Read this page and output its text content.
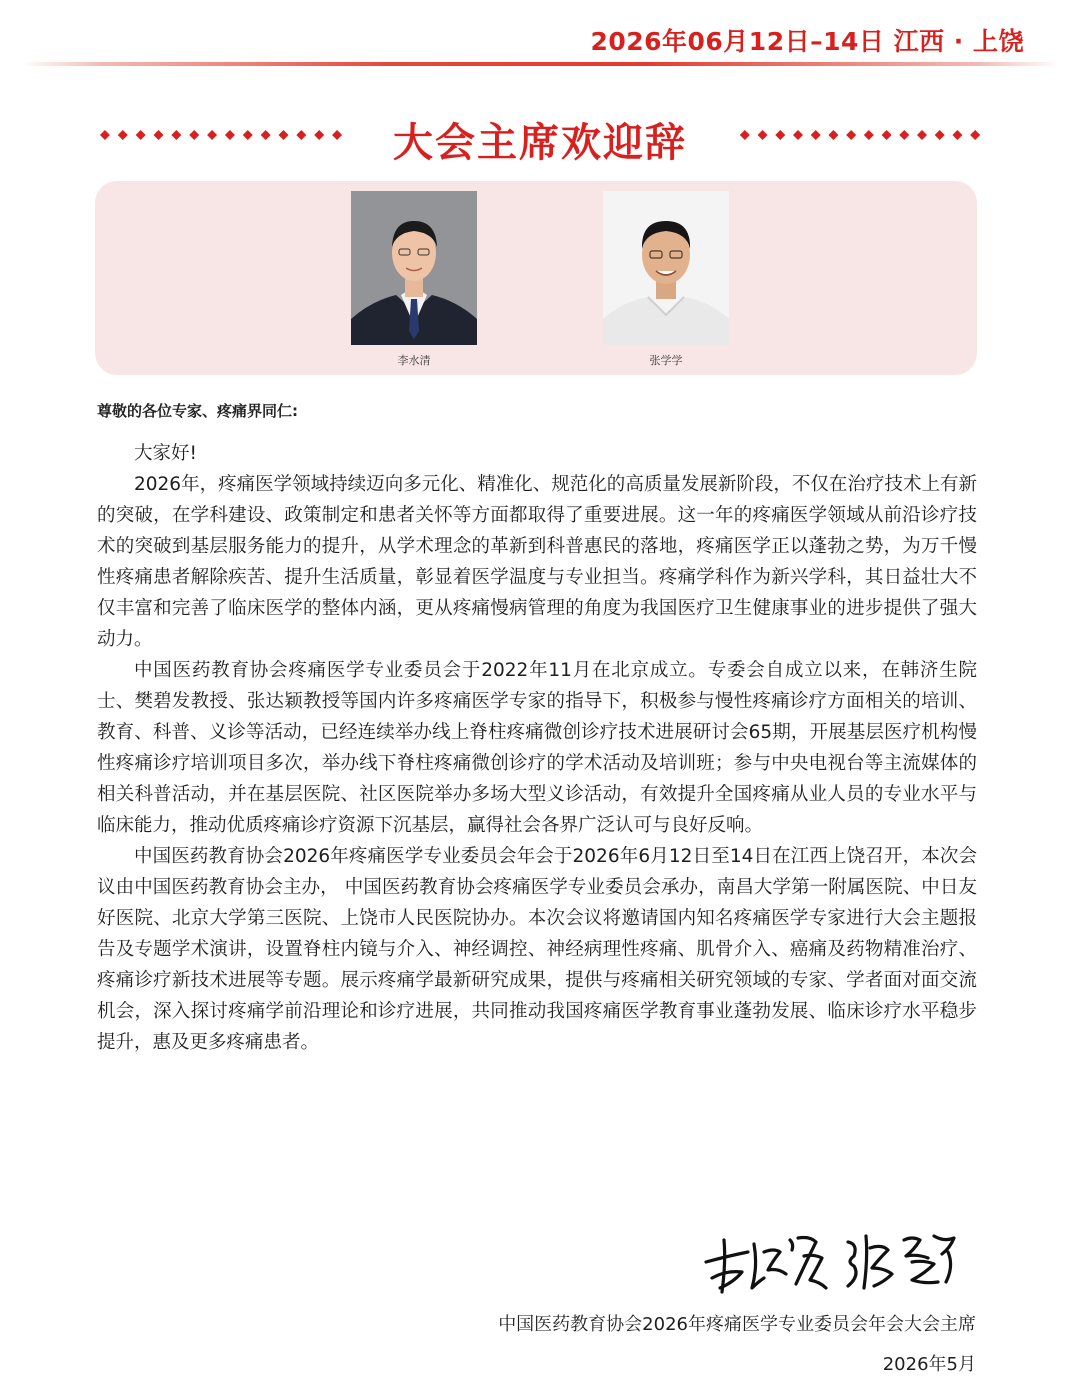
2026年06月12日–14日 江西 · 上饶
大会主席欢迎辞
李水清	张学学
尊敬的各位专家、疼痛界同仁:

大家好!

2026年，疼痛医学领域持续迈向多元化、精准化、规范化的高质量发展新阶段，不仅在治疗技术上有新的突破，在学科建设、政策制定和患者关怀等方面都取得了重要进展。这一年的疼痛医学领域从前沿诊疗技术的突破到基层服务能力的提升，从学术理念的革新到科普惠民的落地，疼痛医学正以蓬勃之势，为万千慢性疼痛患者解除疾苦、提升生活质量，彰显着医学温度与专业担当。疼痛学科作为新兴学科，其日益壮大不仅丰富和完善了临床医学的整体内涵，更从疼痛慢病管理的角度为我国医疗卫生健康事业的进步提供了强大动力。

中国医药教育协会疼痛医学专业委员会于2022年11月在北京成立。专委会自成立以来，在韩济生院士、樊碧发教授、张达颖教授等国内许多疼痛医学专家的指导下，积极参与慢性疼痛诊疗方面相关的培训、教育、科普、义诊等活动，已经连续举办线上脊柱疼痛微创诊疗技术进展研讨会65期，开展基层医疗机构慢性疼痛诊疗培训项目多次，举办线下脊柱疼痛微创诊疗的学术活动及培训班；参与中央电视台等主流媒体的相关科普活动，并在基层医院、社区医院举办多场大型义诊活动，有效提升全国疼痛从业人员的专业水平与临床能力，推动优质疼痛诊疗资源下沉基层，赢得社会各界广泛认可与良好反响。

中国医药教育协会2026年疼痛医学专业委员会年会于2026年6月12日至14日在江西上饶召开，本次会议由中国医药教育协会主办， 中国医药教育协会疼痛医学专业委员会承办，南昌大学第一附属医院、中日友好医院、北京大学第三医院、上饶市人民医院协办。本次会议将邀请国内知名疼痛医学专家进行大会主题报告及专题学术演讲，设置脊柱内镜与介入、神经调控、神经病理性疼痛、肌骨介入、癌痛及药物精准治疗、疼痛诊疗新技术进展等专题。展示疼痛学最新研究成果，提供与疼痛相关研究领域的专家、学者面对面交流机会，深入探讨疼痛学前沿理论和诊疗进展，共同推动我国疼痛医学教育事业蓬勃发展、临床诊疗水平稳步提升，惠及更多疼痛患者。

中国医药教育协会2026年疼痛医学专业委员会年会大会主席
2026年5月
